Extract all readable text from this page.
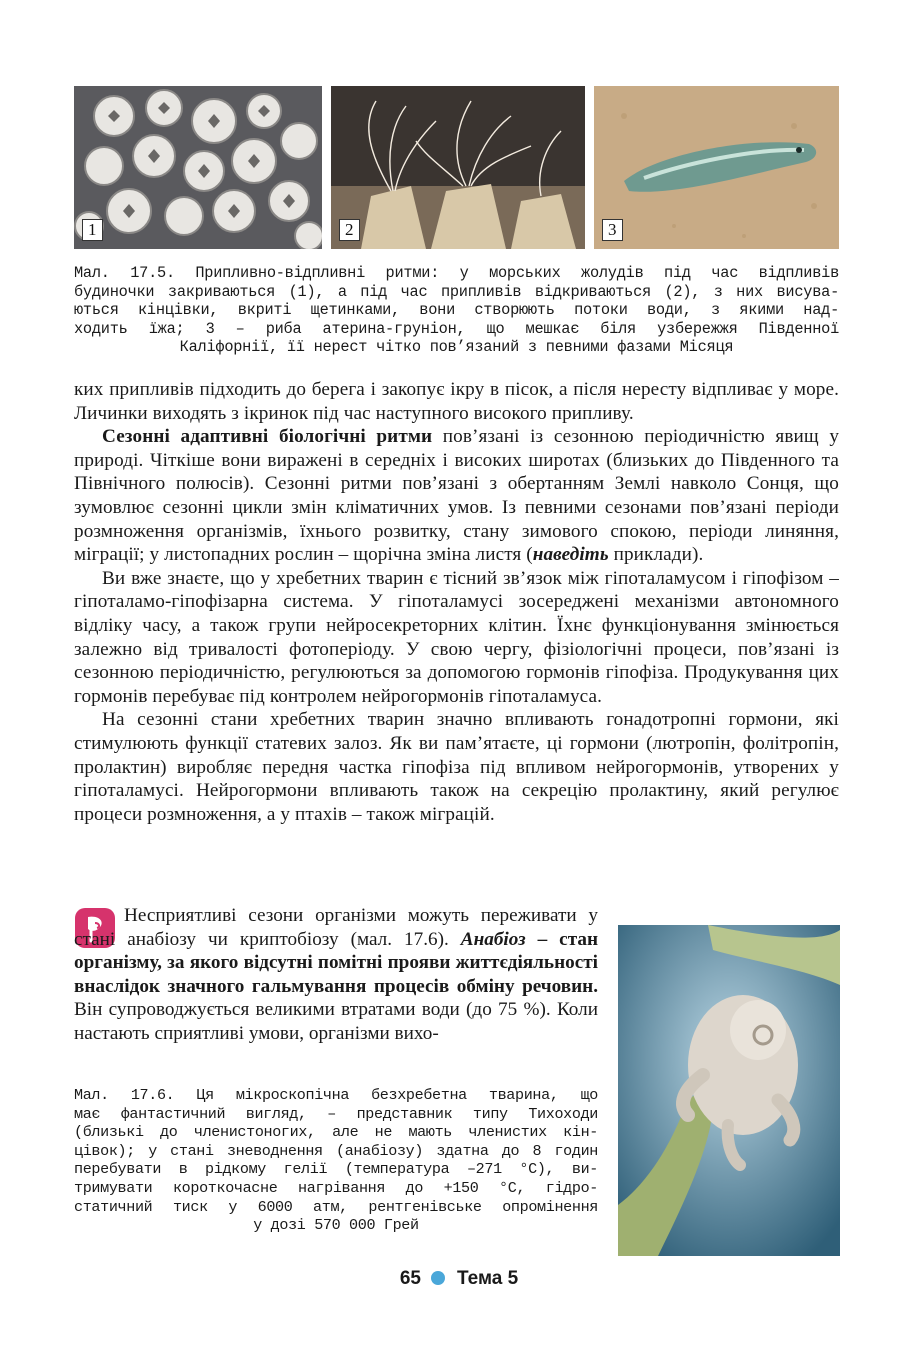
1	2	3
Мал. 17.5. Припливно-відпливні ритми: у морських жолудів під час відпливів
будиночки закриваються (1), а під час припливів відкриваються (2), з них висува-
ються кінцівки, вкриті щетинками, вони створюють потоки води, з якими над-
ходить їжа; 3 – риба атерина-груніон, що мешкає біля узбережжя Південної
Каліфорнії, її нерест чітко пов’язаний з певними фазами Місяця

ких припливів підходить до берега і закопує ікру в пісок, а після нересту відпливає у море. Личинки виходять з ікринок під час наступного високого припливу.

Сезонні адаптивні біологічні ритми пов’язані із сезонною періодичністю явищ у природі. Чіткіше вони виражені в середніх і високих широтах (близьких до Південного та Північного полюсів). Сезонні ритми пов’язані з обертанням Землі навколо Сонця, що зумовлює сезонні цикли змін кліматичних умов. Із певними сезонами пов’язані періоди розмноження організмів, їхнього розвитку, стану зимового спокою, періоди линяння, міграції; у листопадних рослин – щорічна зміна листя (наведіть приклади).

Ви вже знаєте, що у хребетних тварин є тісний зв’язок між гіпоталамусом і гіпофізом – гіпоталамо-гіпофізарна система. У гіпоталамусі зосереджені механізми автономного відліку часу, а також групи нейросекреторних клітин. Їхнє функціонування змінюється залежно від тривалості фотоперіоду. У свою чергу, фізіологічні процеси, пов’язані із сезонною періодичністю, регулюються за допомогою гормонів гіпофіза. Продукування цих гормонів перебуває під контролем нейрогормонів гіпоталамуса.

На сезонні стани хребетних тварин значно впливають гонадотропні гормони, які стимулюють функції статевих залоз. Як ви пам’ятаєте, ці гормони (лютропін, фолітропін, пролактин) виробляє передня частка гіпофіза під впливом нейрогормонів, утворених у гіпоталамусі. Нейрогормони впливають також на секрецію пролактину, який регулює процеси розмноження, а у птахів – також міграцій.

Несприятливі сезони організми можуть переживати у стані анабіозу чи криптобіозу (мал. 17.6). Анабіоз – стан організму, за якого відсутні помітні прояви життєдіяльності внаслідок значного гальмування процесів обміну речовин. Він супроводжується великими втратами води (до 75 %). Коли настають сприятливі умови, організми вихо-
Мал. 17.6. Ця мікроскопічна безхребетна тварина, що
має фантастичний вигляд, – представник типу Тихоходи
(близькі до членистоногих, але не мають членистих кін-
цівок); у стані зневоднення (анабіозу) здатна до 8 годин
перебувати в рідкому гелії (температура –271 °С), ви-
тримувати короткочасне нагрівання до +150 °С, гідро-
статичний тиск у 6000 атм, рентгенівське опромінення
у дозі 570 000 Грей
65 Тема 5
